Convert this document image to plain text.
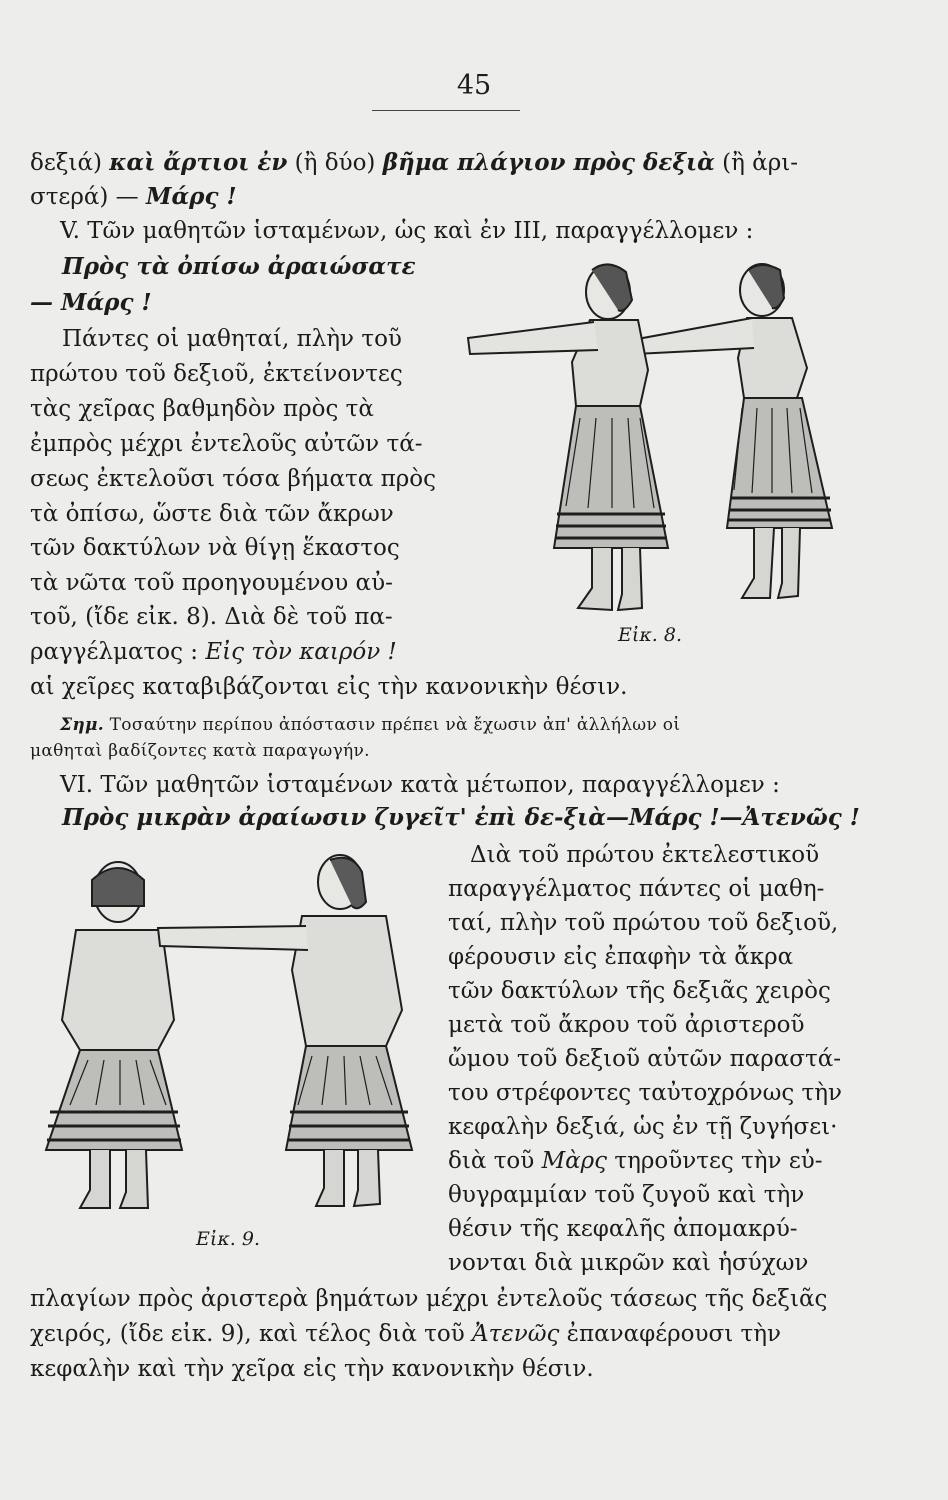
45
δεξιά) καὶ ἄρτιοι ἐν (ἢ δύο) βῆμα πλάγιον πρὸς δεξιὰ (ἢ ἀρι-
στερά) — Μάρς !
V. Τῶν μαθητῶν ἱσταμένων, ὡς καὶ ἐν III, παραγγέλλομεν :
Πρὸς τὰ ὀπίσω ἀραιώσατε
— Μάρς !
Πάντες οἱ μαθηταί, πλὴν τοῦ
πρώτου τοῦ δεξιοῦ, ἐκτείνοντες
τὰς χεῖρας βαθμηδὸν πρὸς τὰ
ἐμπρὸς μέχρι ἐντελοῦς αὐτῶν τά-
σεως ἐκτελοῦσι τόσα βήματα πρὸς
τὰ ὀπίσω, ὥστε διὰ τῶν ἄκρων
τῶν δακτύλων νὰ θίγῃ ἕκαστος
τὰ νῶτα τοῦ προηγουμένου αὐ-
τοῦ, (ἴδε εἰκ. 8). Διὰ δὲ τοῦ πα-
ραγγέλματος : Εἰς τὸν καιρόν !
αἱ χεῖρες καταβιβάζονται εἰς τὴν κανονικὴν θέσιν.
Σημ. Τοσαύτην περίπου ἀπόστασιν πρέπει νὰ ἔχωσιν ἀπ' ἀλλήλων οἱ
μαθηταὶ βαδίζοντες κατὰ παραγωγήν.
VI. Τῶν μαθητῶν ἱσταμένων κατὰ μέτωπον, παραγγέλλομεν :
Πρὸς μικρὰν ἀραίωσιν ζυγεῖτ' ἐπὶ δε-ξιὰ—Μάρς !—Ἀτενῶς !
Διὰ τοῦ πρώτου ἐκτελεστικοῦ
παραγγέλματος πάντες οἱ μαθη-
ταί, πλὴν τοῦ πρώτου τοῦ δεξιοῦ,
φέρουσιν εἰς ἐπαφὴν τὰ ἄκρα
τῶν δακτύλων τῆς δεξιᾶς χειρὸς
μετὰ τοῦ ἄκρου τοῦ ἀριστεροῦ
ὤμου τοῦ δεξιοῦ αὐτῶν παραστά-
του στρέφοντες ταὐτοχρόνως τὴν
κεφαλὴν δεξιά, ὡς ἐν τῇ ζυγήσει·
διὰ τοῦ Μὰρς τηροῦντες τὴν εὐ-
θυγραμμίαν τοῦ ζυγοῦ καὶ τὴν
θέσιν τῆς κεφαλῆς ἀπομακρύ-
νονται διὰ μικρῶν καὶ ἡσύχων
πλαγίων πρὸς ἀριστερὰ βημάτων μέχρι ἐντελοῦς τάσεως τῆς δεξιᾶς
χειρός, (ἴδε εἰκ. 9), καὶ τέλος διὰ τοῦ Ἀτενῶς ἐπαναφέρουσι τὴν
κεφαλὴν καὶ τὴν χεῖρα εἰς τὴν κανονικὴν θέσιν.
Εἰκ. 8.
Εἰκ. 9.
